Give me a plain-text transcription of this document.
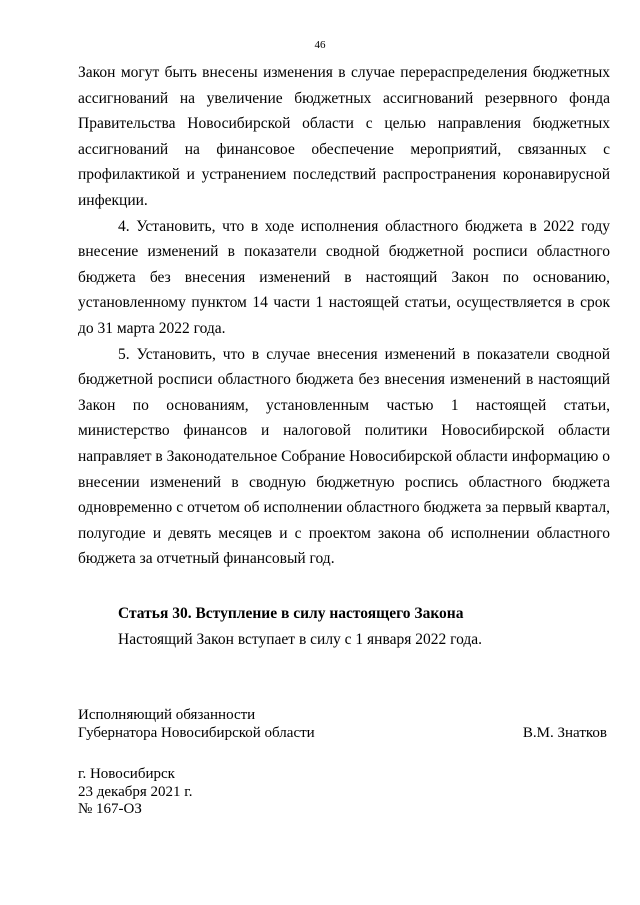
46

Закон могут быть внесены изменения в случае перераспределения бюджетных ассигнований на увеличение бюджетных ассигнований резервного фонда Правительства Новосибирской области с целью направления бюджетных ассигнований на финансовое обеспечение мероприятий, связанных с профилактикой и устранением последствий распространения коронавирусной инфекции.

4. Установить, что в ходе исполнения областного бюджета в 2022 году внесение изменений в показатели сводной бюджетной росписи областного бюджета без внесения изменений в настоящий Закон по основанию, установленному пунктом 14 части 1 настоящей статьи, осуществляется в срок до 31 марта 2022 года.

5. Установить, что в случае внесения изменений в показатели сводной бюджетной росписи областного бюджета без внесения изменений в настоящий Закон по основаниям, установленным частью 1 настоящей статьи, министерство финансов и налоговой политики Новосибирской области направляет в Законодательное Собрание Новосибирской области информацию о внесении изменений в сводную бюджетную роспись областного бюджета одновременно с отчетом об исполнении областного бюджета за первый квартал, полугодие и девять месяцев и с проектом закона об исполнении областного бюджета за отчетный финансовый год.

Статья 30. Вступление в силу настоящего Закона

Настоящий Закон вступает в силу с 1 января 2022 года.

Исполняющий обязанности
Губернатора Новосибирской области	В.М. Знатков
г. Новосибирск
23 декабря 2021 г.
№ 167-ОЗ
